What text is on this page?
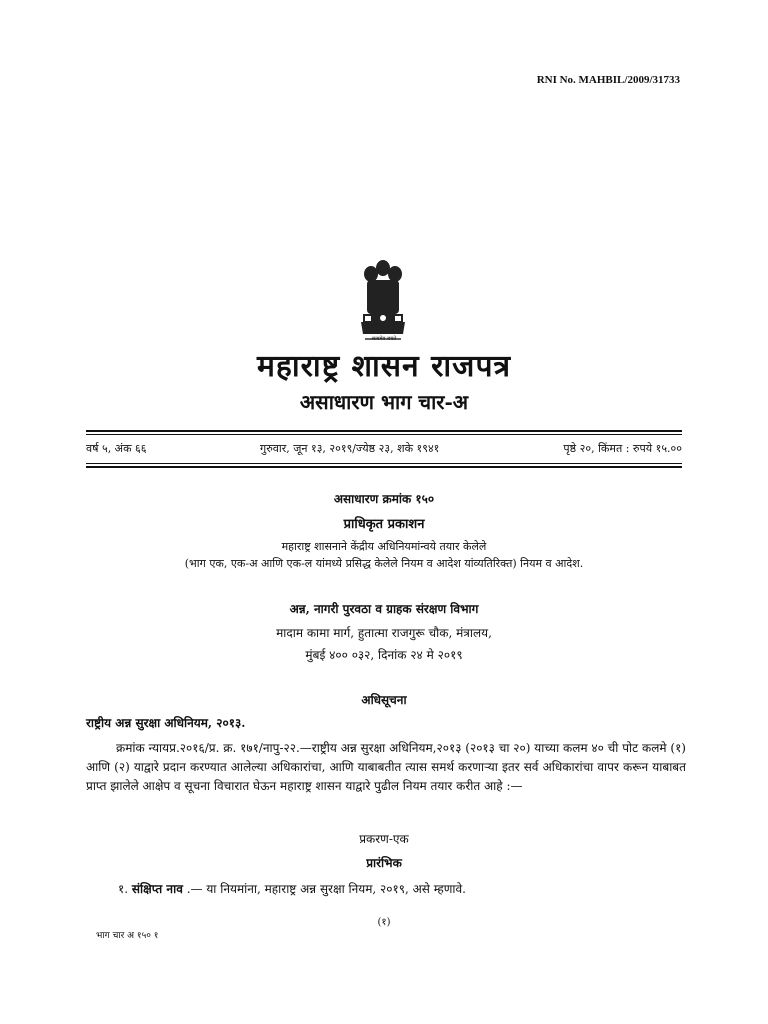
RNI No. MAHBIL/2009/31733
सत्यमेव जयते
महाराष्ट्र शासन राजपत्र
असाधारण भाग चार-अ
वर्ष ५, अंक ६६	गुरुवार, जून १३, २०१९/ज्येष्ठ २३, शके १९४१	पृष्ठे २०, किंमत : रुपये १५.००
असाधारण क्रमांक १५०
प्राधिकृत प्रकाशन
महाराष्ट्र शासनाने केंद्रीय अधिनियमांन्वये तयार केलेले
(भाग एक, एक-अ आणि एक-ल यांमध्ये प्रसिद्ध केलेले नियम व आदेश यांव्यतिरिक्त) नियम व आदेश.
अन्न, नागरी पुरवठा व ग्राहक संरक्षण विभाग
मादाम कामा मार्ग, हुतात्मा राजगुरू चौक, मंत्रालय,
मुंबई ४०० ०३२, दिनांक २४ मे २०१९
अधिसूचना
राष्ट्रीय अन्न सुरक्षा अधिनियम, २०१३.
क्रमांक न्यायप्र.२०१६/प्र. क्र. १७१/नापु-२२.—राष्ट्रीय अन्न सुरक्षा अधिनियम,२०१३ (२०१३ चा २०) याच्या कलम ४० ची पोट कलमे (१) आणि (२) याद्वारे प्रदान करण्यात आलेल्या अधिकारांचा, आणि याबाबतीत त्यास समर्थ करणाऱ्या इतर सर्व अधिकारांचा वापर करून याबाबत प्राप्त झालेले आक्षेप व सूचना विचारात घेऊन महाराष्ट्र शासन याद्वारे पुढील नियम तयार करीत आहे :—
प्रकरण-एक
प्रारंभिक
१. संक्षिप्त नाव .— या नियमांना, महाराष्ट्र अन्न सुरक्षा नियम, २०१९, असे म्हणावे.
(१)
भाग चार अ १५० १
